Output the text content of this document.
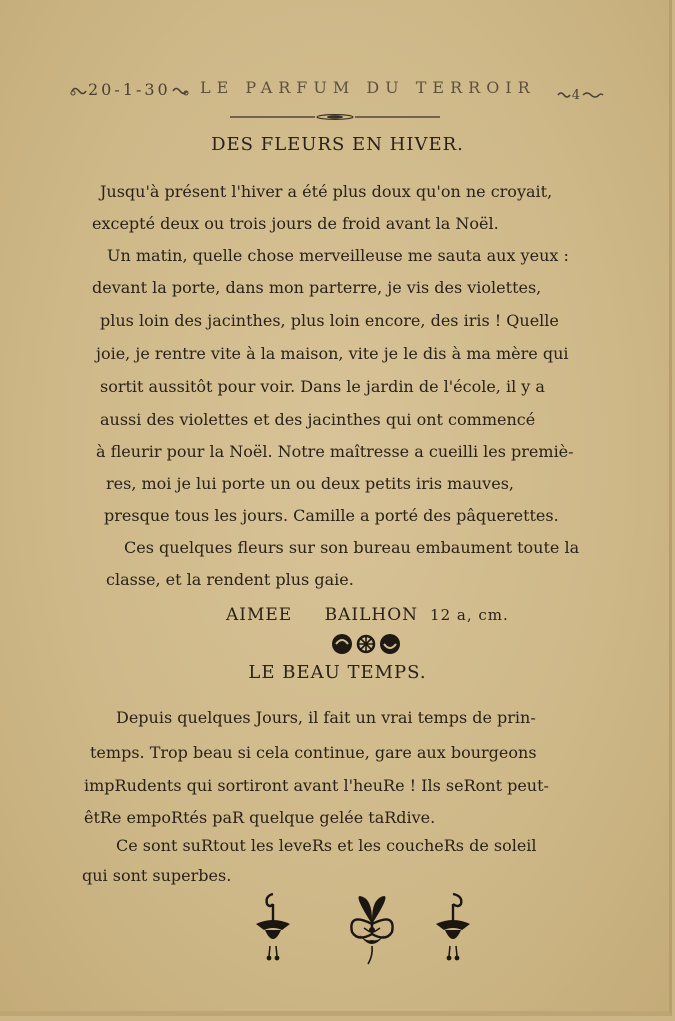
20-1-30	LE PARFUM DU TERROIR	4
DES FLEURS EN HIVER.
Jusqu'à présent l'hiver a été plus doux qu'on ne croyait,
excepté deux ou trois jours de froid avant la Noël.
Un matin, quelle chose merveilleuse me sauta aux yeux :
devant la porte, dans mon parterre, je vis des violettes,
plus loin des jacinthes, plus loin encore, des iris ! Quelle
joie, je rentre vite à la maison, vite je le dis à ma mère qui
sortit aussitôt pour voir. Dans le jardin de l'école, il y a
aussi des violettes et des jacinthes qui ont commencé
à fleurir pour la Noël. Notre maîtresse a cueilli les premiè-
res, moi je lui porte un ou deux petits iris mauves,
presque tous les jours. Camille a porté des pâquerettes.
Ces quelques fleurs sur son bureau embaument toute la
classe, et la rendent plus gaie.
AIMEE BAILHON 12 a, cm.
LE BEAU TEMPS.
Depuis quelques Jours, il fait un vrai temps de prin-
temps. Trop beau si cela continue, gare aux bourgeons
impRudents qui sortiront avant l'heuRe ! Ils seRont peut-
êtRe empoRtés paR quelque gelée taRdive.
Ce sont suRtout les leveRs et les coucheRs de soleil
qui sont superbes.
